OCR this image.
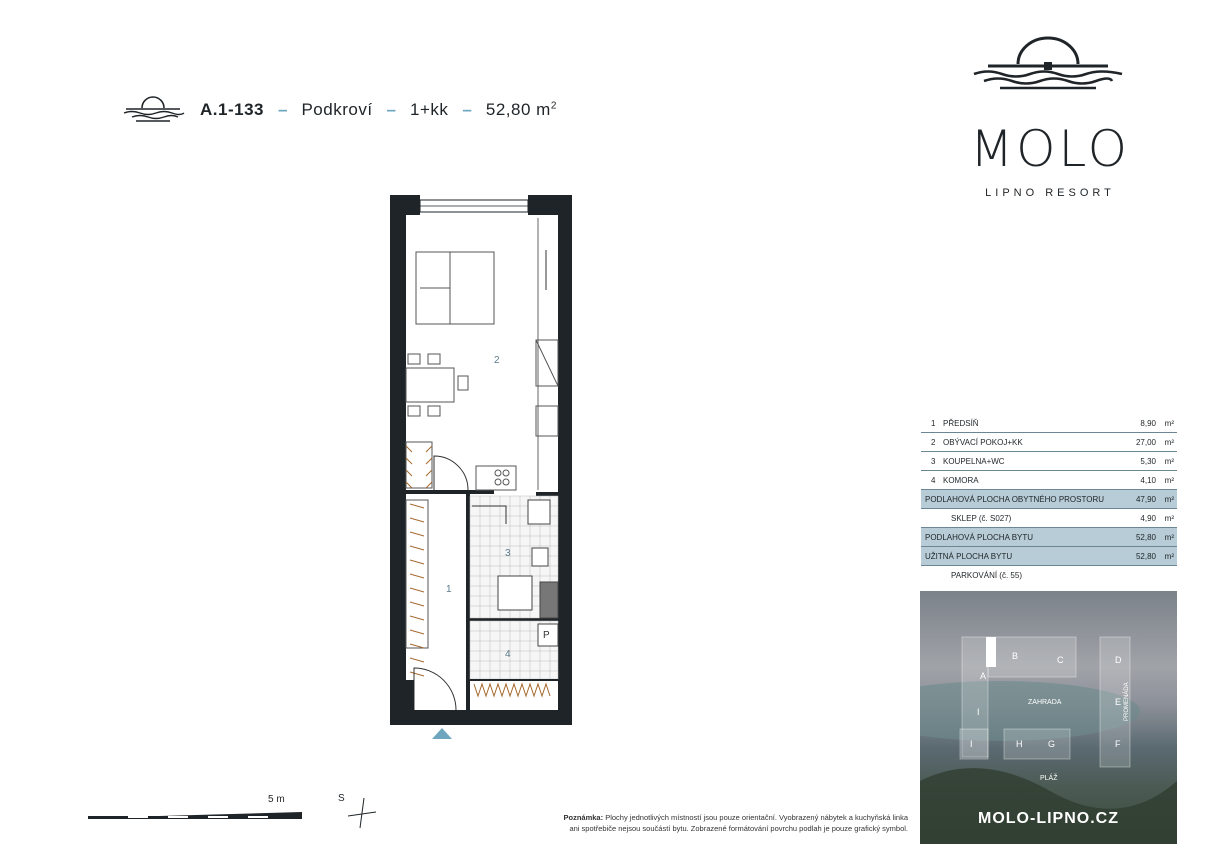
A.1-133 – Podkroví – 1+kk – 52,80 $m^2$
MOLO
LIPNO RESORT
2
1
3
4
P
1 PŘEDSÍŇ	8,90	m²
2 OBÝVACÍ POKOJ+KK	27,00	m²
3 KOUPELNA+WC	5,30	m²
4 KOMORA	4,10	m²
PODLAHOVÁ PLOCHA OBYTNÉHO PROSTORU	47,90	m²
SKLEP (č. S027)	4,90	m²
PODLAHOVÁ PLOCHA BYTU	52,80	m²
UŽITNÁ PLOCHA BYTU	52,80	m²
PARKOVÁNÍ (č. 55)
B	C	D
A
ZAHRADA	E
I
I	H	G	F
PROMENÁDA
PLÁŽ
MOLO-LIPNO.CZ
5 m	S
Poznámka: Plochy jednotlivých místností jsou pouze orientační. Vyobrazený nábytek a kuchyňská linka
ani spotřebiče nejsou součástí bytu. Zobrazené formátování povrchu podlah je pouze grafický symbol.
